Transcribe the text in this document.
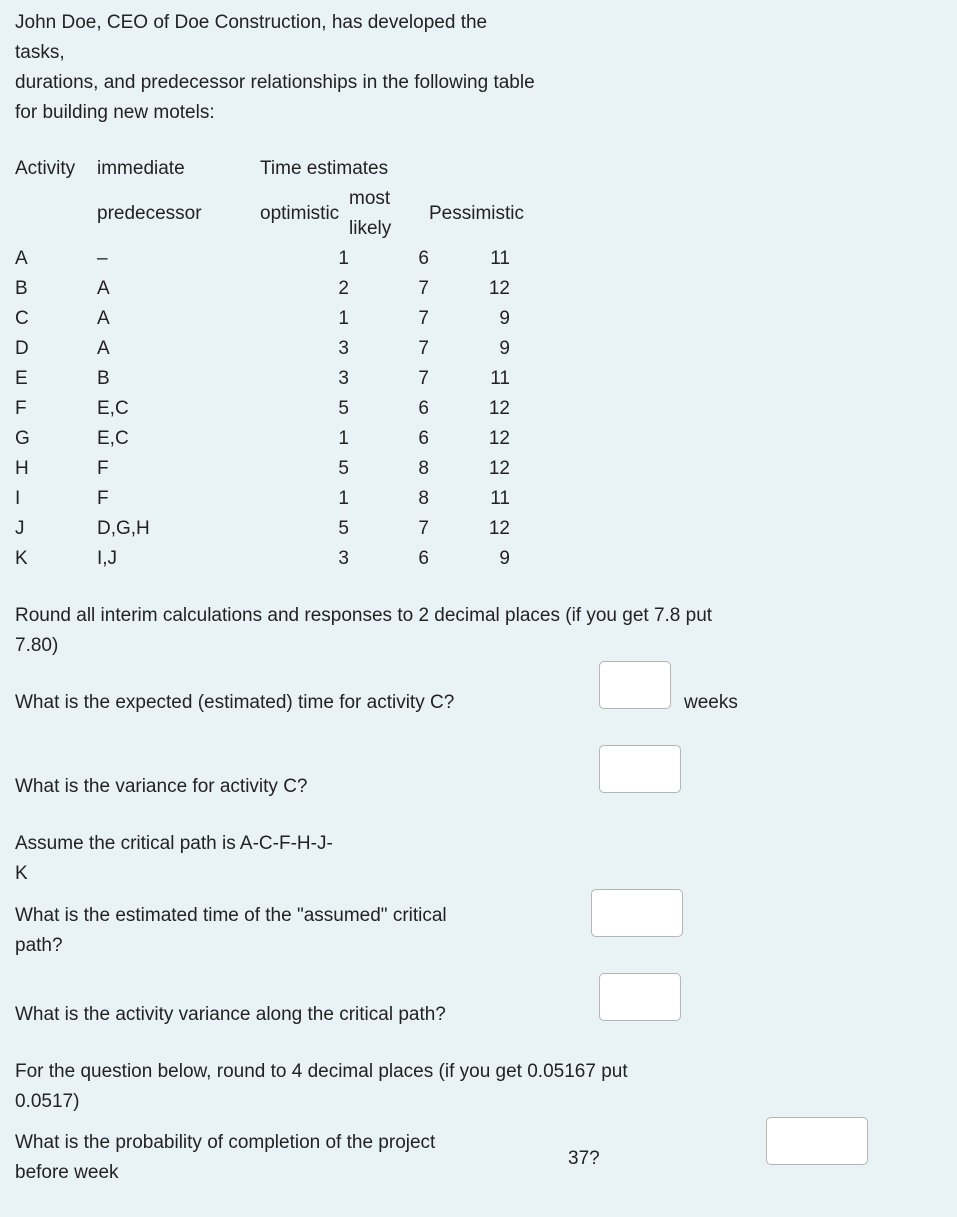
John Doe, CEO of Doe Construction, has developed the
tasks,
durations, and predecessor relationships in the following table
for building new motels:
Activity immediate	Time estimates
predecessor	optimistic
most
likely
Pessimistic
A	–	1	6	11
B	A	2	7	12
C	A	1	7	9
D	A	3	7	9
E	B	3	7	11
F	E,C	5	6	12
G	E,C	1	6	12
H	F	5	8	12
I	F	1	8	11
J	D,G,H	5	7	12
K	I,J	3	6	9
Round all interim calculations and responses to 2 decimal places (if you get 7.8 put
7.80)
What is the expected (estimated) time for activity C?	weeks
What is the variance for activity C?
Assume the critical path is A-C-F-H-J-
K
What is the estimated time of the "assumed" critical
path?
What is the activity variance along the critical path?
For the question below, round to 4 decimal places (if you get 0.05167 put
0.0517)
What is the probability of completion of the project
before week
37?
